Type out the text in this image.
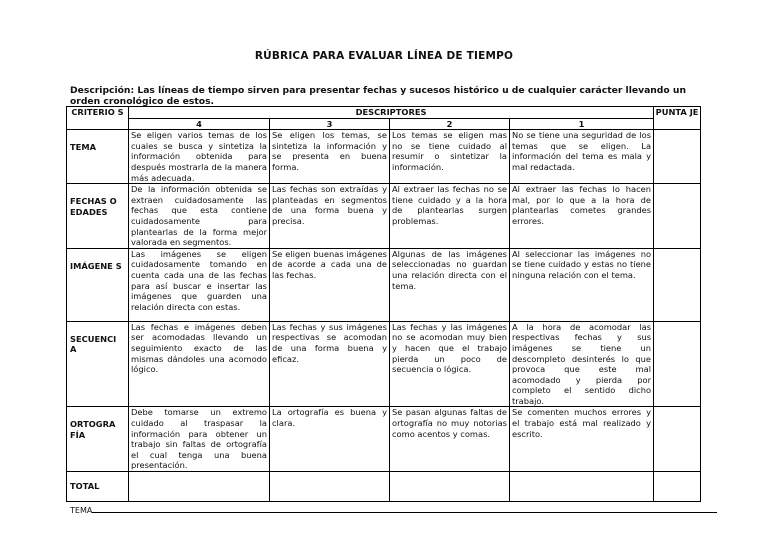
RÚBRICA PARA EVALUAR LÍNEA DE TIEMPO
Descripción: Las líneas de tiempo sirven para presentar fechas y sucesos histórico u de cualquier carácter llevando un orden cronológico de estos.
CRITERIO S	DESCRIPTORES				PUNTA JE
	4	3	2	1	
TEMA	Se eligen varios temas de los cuales se busca y sintetiza la información obtenida para después mostrarla de la manera más adecuada.	Se eligen los temas, se sintetiza la información y se presenta en buena forma.	Los temas se eligen mas no se tiene cuidado al resumir o sintetizar la información.	No se tiene una seguridad de los temas que se eligen. La información del tema es mala y mal redactada.	
FECHAS O EDADES	De la información obtenida se extraen cuidadosamente las fechas que esta contiene cuidadosamente para plantearlas de la forma mejor valorada en segmentos.	Las fechas son extraídas y planteadas en segmentos de una forma buena y precisa.	Al extraer las fechas no se tiene cuidado y a la hora de plantearlas surgen problemas.	Al extraer las fechas lo hacen mal, por lo que a la hora de plantearlas cometes grandes errores.	
IMÁGENE S	Las imágenes se eligen cuidadosamente tomando en cuenta cada una de las fechas para así buscar e insertar las imágenes que guarden una relación directa con estas.	Se eligen buenas imágenes de acorde a cada una de las fechas.	Algunas de las imágenes seleccionadas no guardan una relación directa con el tema.	Al seleccionar las imágenes no se tiene cuidado y estas no tiene ninguna relación con el tema.	
SECUENCI A	Las fechas e imágenes deben ser acomodadas llevando un seguimiento exacto de las mismas dándoles una acomodo lógico.	Las fechas y sus imágenes respectivas se acomodan de una forma buena y eficaz.	Las fechas y las imágenes no se acomodan muy bien y hacen que el trabajo pierda un poco de secuencia o lógica.	A la hora de acomodar las respectivas fechas y sus imágenes se tiene un descompleto desinterés lo que provoca que este mal acomodado y pierda por completo el sentido dicho trabajo.	
ORTOGRA FÍA	Debe tomarse un extremo cuidado al traspasar la información para obtener un trabajo sin faltas de ortografía el cual tenga una buena presentación.	La ortografía es buena y clara.	Se pasan algunas faltas de ortografía no muy notorias como acentos y comas.	Se comenten muchos errores y el trabajo está mal realizado y escrito.	
TOTAL					
TEMA
